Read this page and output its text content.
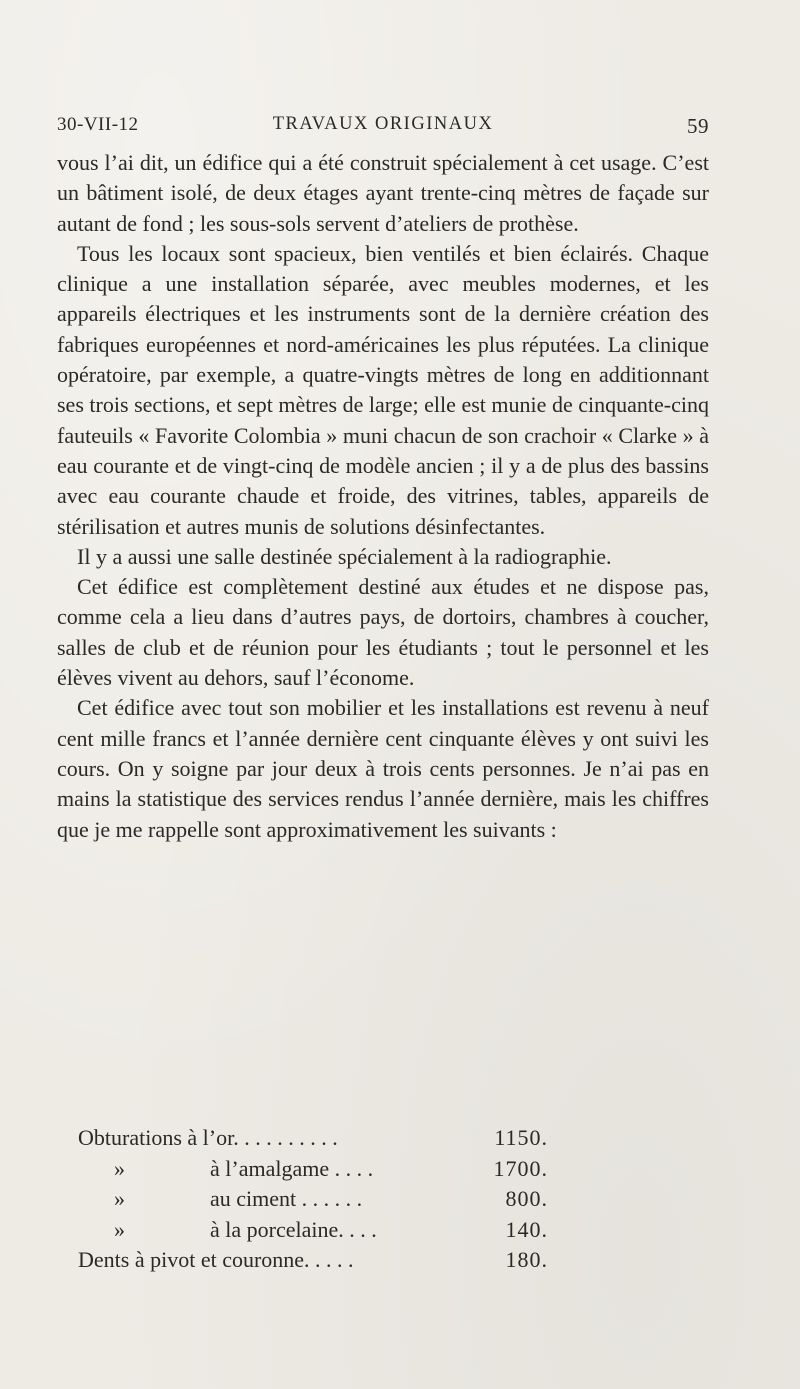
30-VII-12	TRAVAUX ORIGINAUX	59

vous l’ai dit, un édifice qui a été construit spécialement à cet usage. C’est un bâtiment isolé, de deux étages ayant trente-cinq mètres de façade sur autant de fond ; les sous-sols servent d’ateliers de prothèse.

Tous les locaux sont spacieux, bien ventilés et bien éclairés. Chaque clinique a une installation séparée, avec meubles modernes, et les appareils électriques et les instruments sont de la dernière création des fabriques européennes et nord-américaines les plus réputées. La clinique opératoire, par exemple, a quatre-vingts mètres de long en additionnant ses trois sections, et sept mètres de large; elle est munie de cinquante-cinq fauteuils « Favorite Colombia » muni chacun de son crachoir « Clarke » à eau courante et de vingt-cinq de modèle ancien ; il y a de plus des bassins avec eau courante chaude et froide, des vitrines, tables, appareils de stérilisation et autres munis de solutions désinfectantes.

Il y a aussi une salle destinée spécialement à la radiographie.

Cet édifice est complètement destiné aux études et ne dispose pas, comme cela a lieu dans d’autres pays, de dortoirs, chambres à coucher, salles de club et de réunion pour les étudiants ; tout le personnel et les élèves vivent au dehors, sauf l’économe.

Cet édifice avec tout son mobilier et les installations est revenu à neuf cent mille francs et l’année dernière cent cinquante élèves y ont suivi les cours. On y soigne par jour deux à trois cents personnes. Je n’ai pas en mains la statistique des services rendus l’année dernière, mais les chiffres que je me rappelle sont approximativement les suivants :

Obturations à l’or. . . . . . . . . .	1150.
»	à l’amalgame . . . .	1700.
»	au ciment . . . . . .	800.
»	à la porcelaine. . . .	140.
Dents à pivot et couronne. . . . .	180.
